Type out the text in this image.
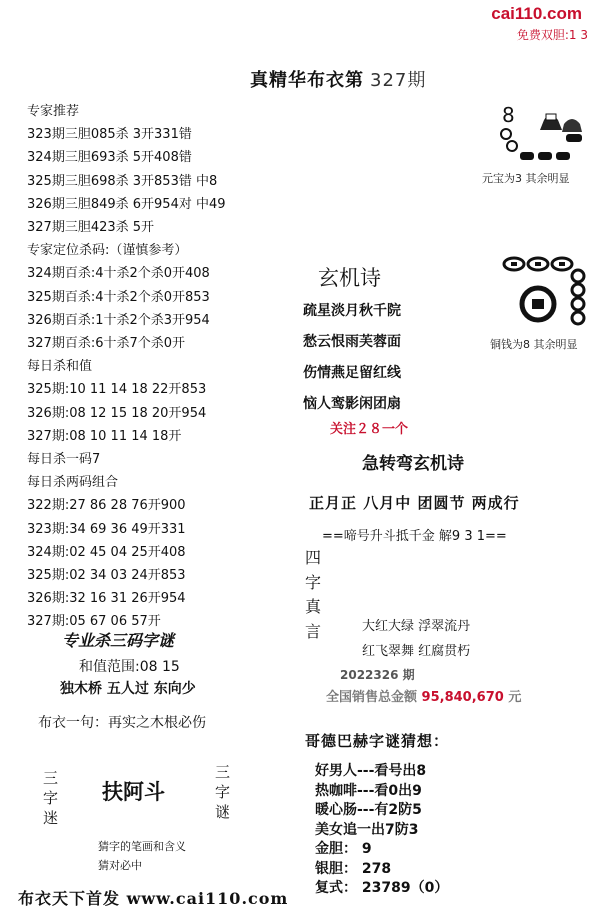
cai110.com
免费双胆:1 3
真精华布衣第 327期
专家推荐
323期三胆085杀 3开331错
324期三胆693杀 5开408错
325期三胆698杀 3开853错 中8
326期三胆849杀 6开954对 中49
327期三胆423杀 5开
专家定位杀码:（谨慎参考）
324期百杀:4十杀2个杀0开408
325期百杀:4十杀2个杀0开853
326期百杀:1十杀2个杀3开954
327期百杀:6十杀7个杀0开
每日杀和值
325期:10 11 14 18 22开853
326期:08 12 15 18 20开954
327期:08 10 11 14 18开
每日杀一码7
每日杀两码组合
322期:27 86 28 76开900
323期:34 69 36 49开331
324期:02 45 04 25开408
325期:02 34 03 24开853
326期:32 16 31 26开954
327期:05 67 06 57开
8
元宝为3 其余明显
铜钱为8 其余明显
玄机诗
疏星淡月秋千院
愁云恨雨芙蓉面
伤情燕足留红线
恼人鸾影闲团扇
关注２８一个
急转弯玄机诗
正月正 八月中 团圆节 两成行
==啼号升斗抵千金 解9 3 1==
四
字
真
言	大红大绿 浮翠流丹
红飞翠舞 红腐贯朽
2022326 期
全国销售总金额 95,840,670 元
专业杀三码字谜
和值范围:08 15
独木桥 五人过 东向少
布衣一句：再实之木根必伤
三
字
迷
三
字
谜
扶阿斗
猜字的笔画和含义
猜对必中
哥德巴赫字谜猜想：
好男人---看号出8
热咖啡---看0出9
暖心肠---有2防5
美女追一出7防3
金胆： 9
银胆： 278
复式： 23789（0）
布衣天下首发 www.cai110.com
